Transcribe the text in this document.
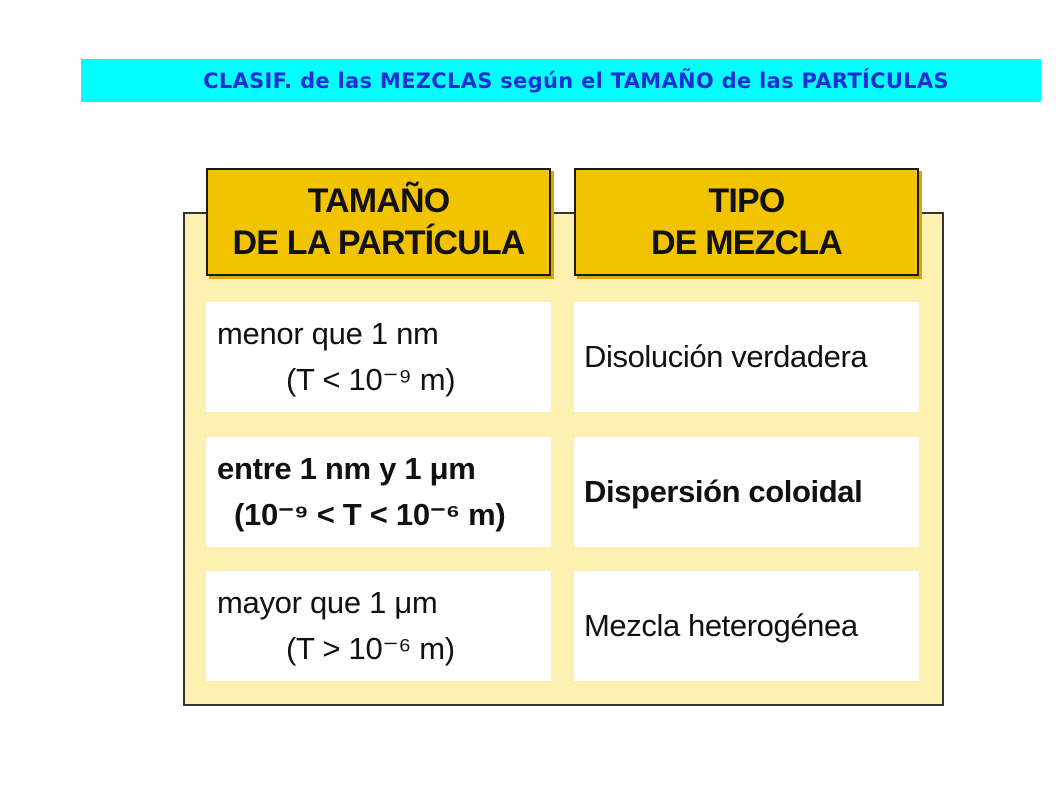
CLASIF. de las MEZCLAS según el TAMAÑO de las PARTÍCULAS
TAMAÑO
DE LA PARTÍCULA
TIPO
DE MEZCLA
menor que 1 nm
(T < 10⁻⁹ m)
Disolución verdadera
entre 1 nm y 1 μm
(10⁻⁹ < T < 10⁻⁶ m)
Dispersión coloidal
mayor que 1 μm
(T > 10⁻⁶ m)
Mezcla heterogénea
